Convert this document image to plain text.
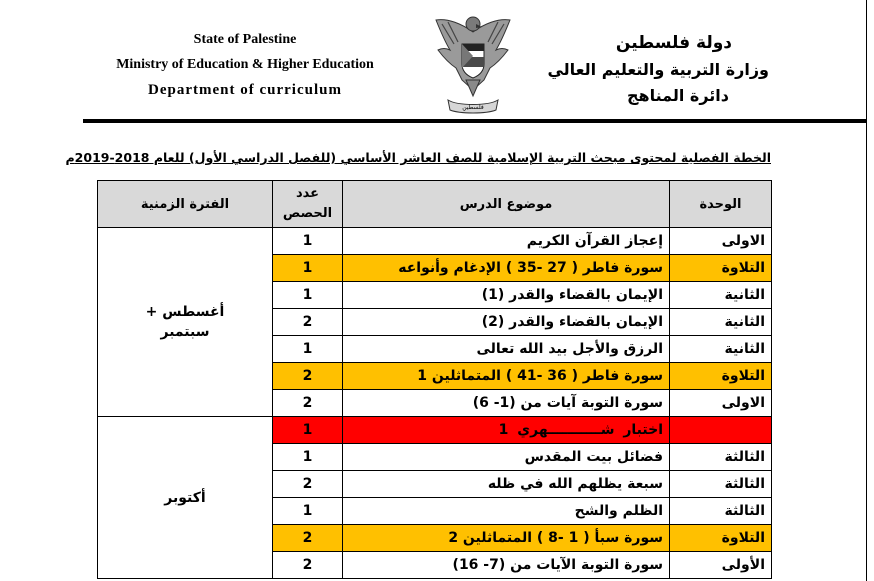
State of Palestine
Ministry of Education & Higher Education
Department of curriculum
دولة فلسطين
وزارة التربية والتعليم العالي
دائرة المناهج
فلسطين
الخطة الفصلية لمحتوى مبحث التربية الإسلامية للصف العاشر الأساسي (للفصل الدراسي الأول) للعام 2018-2019م
الوحدة	موضوع الدرس	عدد الحصص	الفترة الزمنية
الاولى	إعجاز القرآن الكريم	1	أغسطس + سبتمبر
التلاوة	سورة فاطر ( 27 -35 ) الإدغام وأنواعه	1	
الثانية	الإيمان بالقضاء والقدر (1)	1	
الثانية	الإيمان بالقضاء والقدر (2)	2	
الثانية	الرزق والأجل بيد الله تعالى	1	
التلاوة	سورة فاطر ( 36 -41 ) المتماثلين 1	2	
الاولى	سورة التوبة آيات من (1- 6)	2	
	اختبار شـــــــــــهري 1	1	أكتوبر
الثالثة	فضائل بيت المقدس	1	
الثالثة	سبعة يظلهم الله في ظله	2	
الثالثة	الظلم والشح	1	
التلاوة	سورة سبأ ( 1 -8 ) المتماثلين 2	2	
الأولى	سورة التوبة الآيات من (7- 16)	2	
